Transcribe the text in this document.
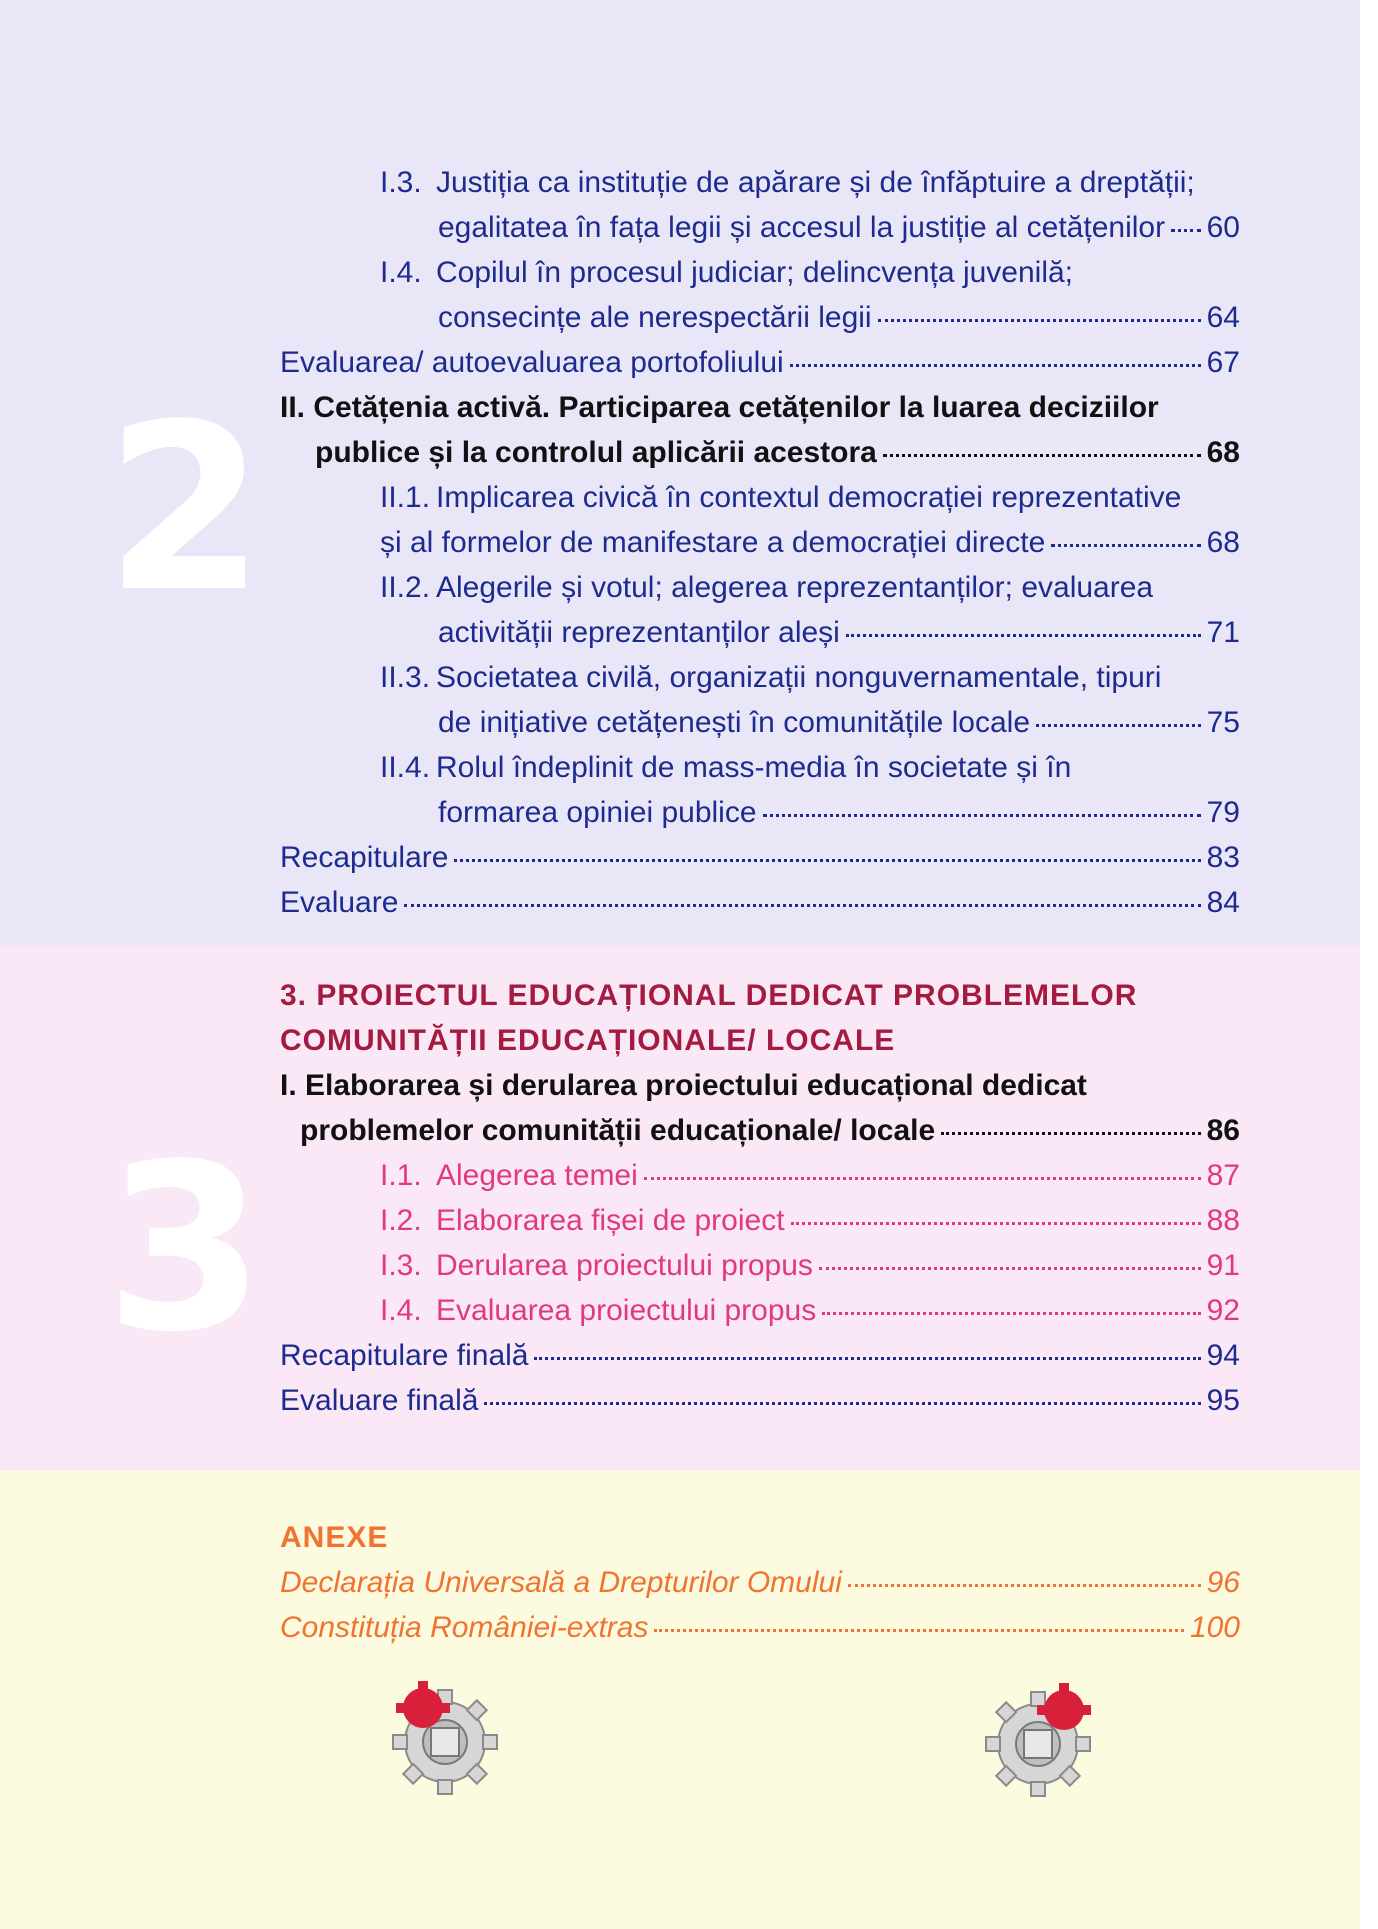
2
3
I.3. Justiția ca instituție de apărare și de înfăptuire a dreptății;
egalitatea în fața legii și accesul la justiție al cetățenilor 60
I.4. Copilul în procesul judiciar; delincvența juvenilă;
consecințe ale nerespectării legii	64
Evaluarea/ autoevaluarea portofoliului	67
II. Cetățenia activă. Participarea cetățenilor la luarea deciziilor
publice și la controlul aplicării acestora	68
II.1. Implicarea civică în contextul democrației reprezentative
și al formelor de manifestare a democrației directe	68
II.2. Alegerile și votul; alegerea reprezentanților; evaluarea
activității reprezentanților aleși	71
II.3. Societatea civilă, organizații nonguvernamentale, tipuri
de inițiative cetățenești în comunitățile locale	75
II.4. Rolul îndeplinit de mass-media în societate și în
formarea opiniei publice	79
Recapitulare	83
Evaluare	84
3. PROIECTUL EDUCAȚIONAL DEDICAT PROBLEMELOR
COMUNITĂȚII EDUCAȚIONALE/ LOCALE
I. Elaborarea și derularea proiectului educațional dedicat
problemelor comunității educaționale/ locale	86
I.1. Alegerea temei	87
I.2. Elaborarea fișei de proiect	88
I.3. Derularea proiectului propus	91
I.4. Evaluarea proiectului propus	92
Recapitulare finală	94
Evaluare finală	95
ANEXE
Declarația Universală a Drepturilor Omului	96
Constituția României-extras	100
